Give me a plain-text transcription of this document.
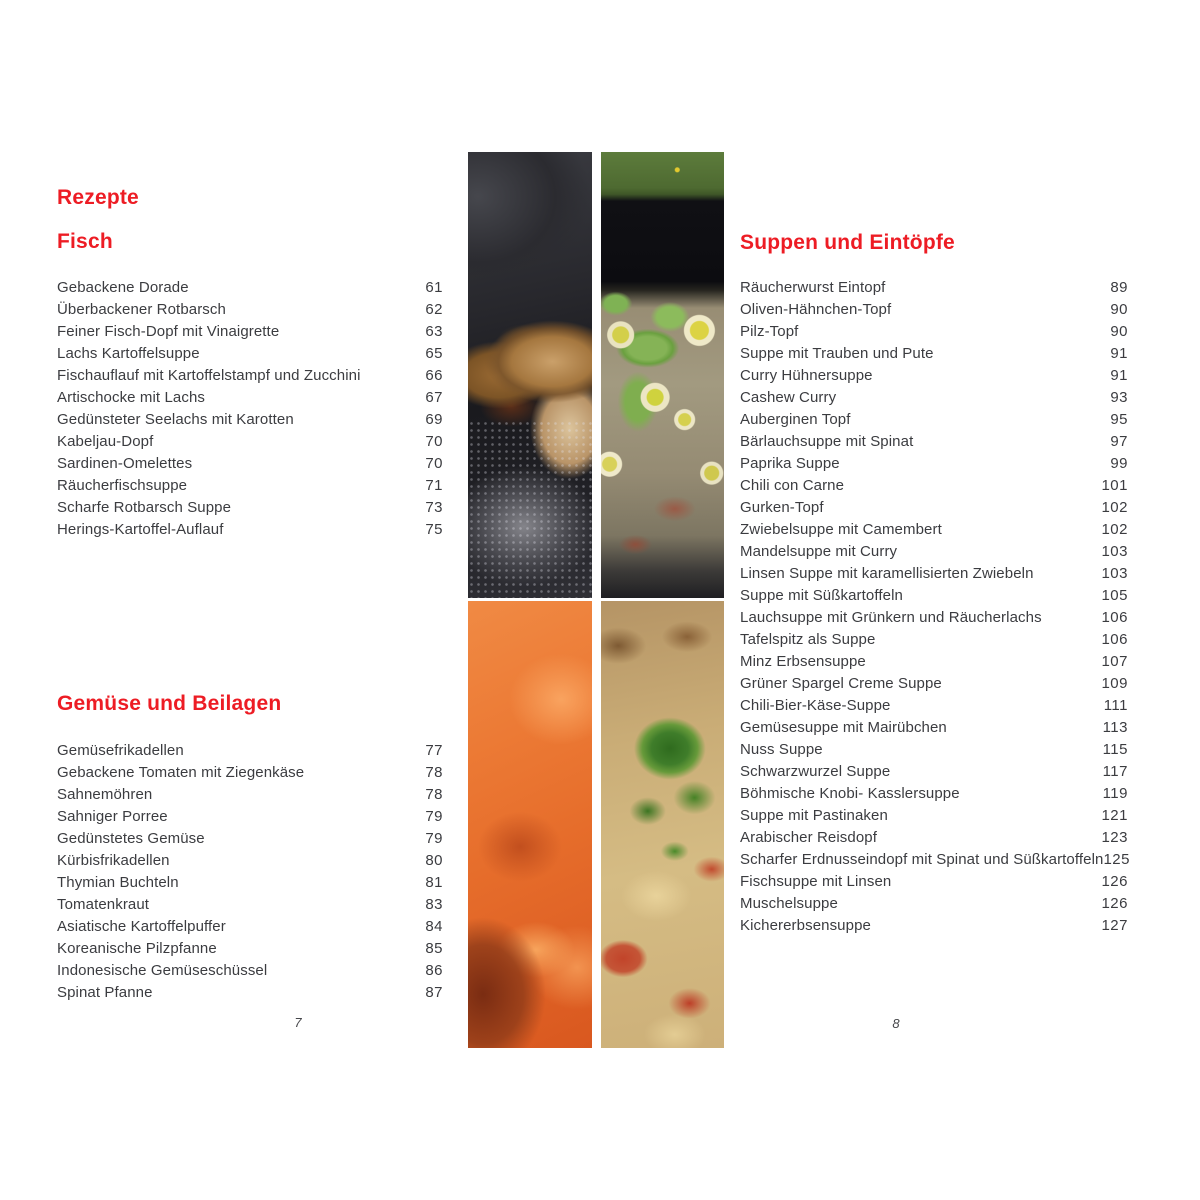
Rezepte
Fisch
Gebackene Dorade	61
Überbackener Rotbarsch	62
Feiner Fisch-Dopf mit Vinaigrette	63
Lachs Kartoffelsuppe	65
Fischauflauf mit Kartoffelstampf und Zucchini	66
Artischocke mit Lachs	67
Gedünsteter Seelachs mit Karotten	69
Kabeljau-Dopf	70
Sardinen-Omelettes	70
Räucherfischsuppe	71
Scharfe Rotbarsch Suppe	73
Herings-Kartoffel-Auflauf	75
Gemüse und Beilagen
Gemüsefrikadellen	77
Gebackene Tomaten mit Ziegenkäse	78
Sahnemöhren	78
Sahniger Porree	79
Gedünstetes Gemüse	79
Kürbisfrikadellen	80
Thymian Buchteln	81
Tomatenkraut	83
Asiatische Kartoffelpuffer	84
Koreanische Pilzpfanne	85
Indonesische Gemüseschüssel	86
Spinat Pfanne	87
7
Suppen und Eintöpfe
Räucherwurst Eintopf	89
Oliven-Hähnchen-Topf	90
Pilz-Topf	90
Suppe mit Trauben und Pute	91
Curry Hühnersuppe	91
Cashew Curry	93
Auberginen Topf	95
Bärlauchsuppe mit Spinat	97
Paprika Suppe	99
Chili con Carne	101
Gurken-Topf	102
Zwiebelsuppe mit Camembert	102
Mandelsuppe mit Curry	103
Linsen Suppe mit karamellisierten Zwiebeln	103
Suppe mit Süßkartoffeln	105
Lauchsuppe mit Grünkern und Räucherlachs	106
Tafelspitz als Suppe	106
Minz Erbsensuppe	107
Grüner Spargel Creme Suppe	109
Chili-Bier-Käse-Suppe	111
Gemüsesuppe mit Mairübchen	113
Nuss Suppe	115
Schwarzwurzel Suppe	117
Böhmische Knobi- Kasslersuppe	119
Suppe mit Pastinaken	121
Arabischer Reisdopf	123
Scharfer Erdnusseindopf mit Spinat und Süßkartoffeln 125
Fischsuppe mit Linsen	126
Muschelsuppe	126
Kichererbsensuppe	127
8
